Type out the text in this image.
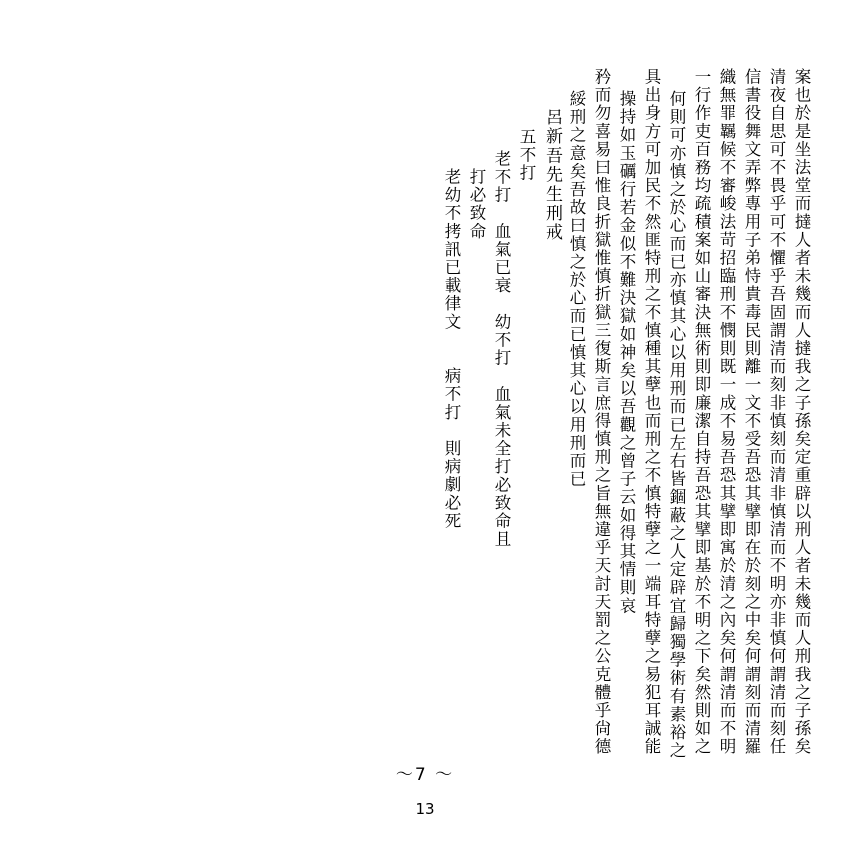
案也於是坐法堂而撻人者未幾而人撻我之子孫矣定重辟以刑人者未幾而人刑我之子孫矣
清夜自思可不畏乎可不懼乎吾固謂清而刻非慎刻而清非慎清而不明亦非慎何謂清而刻任
信書役舞文弄弊專用子弟恃貴毒民則離一文不受吾恐其擘即在於刻之中矣何謂刻而清羅
織無罪羈候不審峻法苛招臨刑不憫則既一成不易吾恐其擘即寓於清之內矣何謂清而不明
一行作吏百務均疏積案如山審決無術則即廉潔自持吾恐其擘即基於不明之下矣然則如之
何則可亦慎之於心而已亦慎其心以用刑而已左右皆錮蔽之人定辟宜歸獨學術有素裕之
具出身方可加民不然匪特刑之不慎種其孽也而刑之不慎特孽之一端耳特孽之易犯耳誠能
操持如玉礪行若金似不難決獄如神矣以吾觀之曾子云如得其情則哀
矜而勿喜易曰惟良折獄惟慎折獄三復斯言庶得慎刑之旨無違乎天討天罰之公克體乎尙德
綏刑之意矣吾故曰慎之於心而已慎其心以用刑而已
呂新吾先生刑戒
五不打
老不打　血氣已衰　幼不打　血氣未全打必致命且
打必致命
老幼不拷訊已載律文　　病不打　則病劇必死
〜7 〜
13
